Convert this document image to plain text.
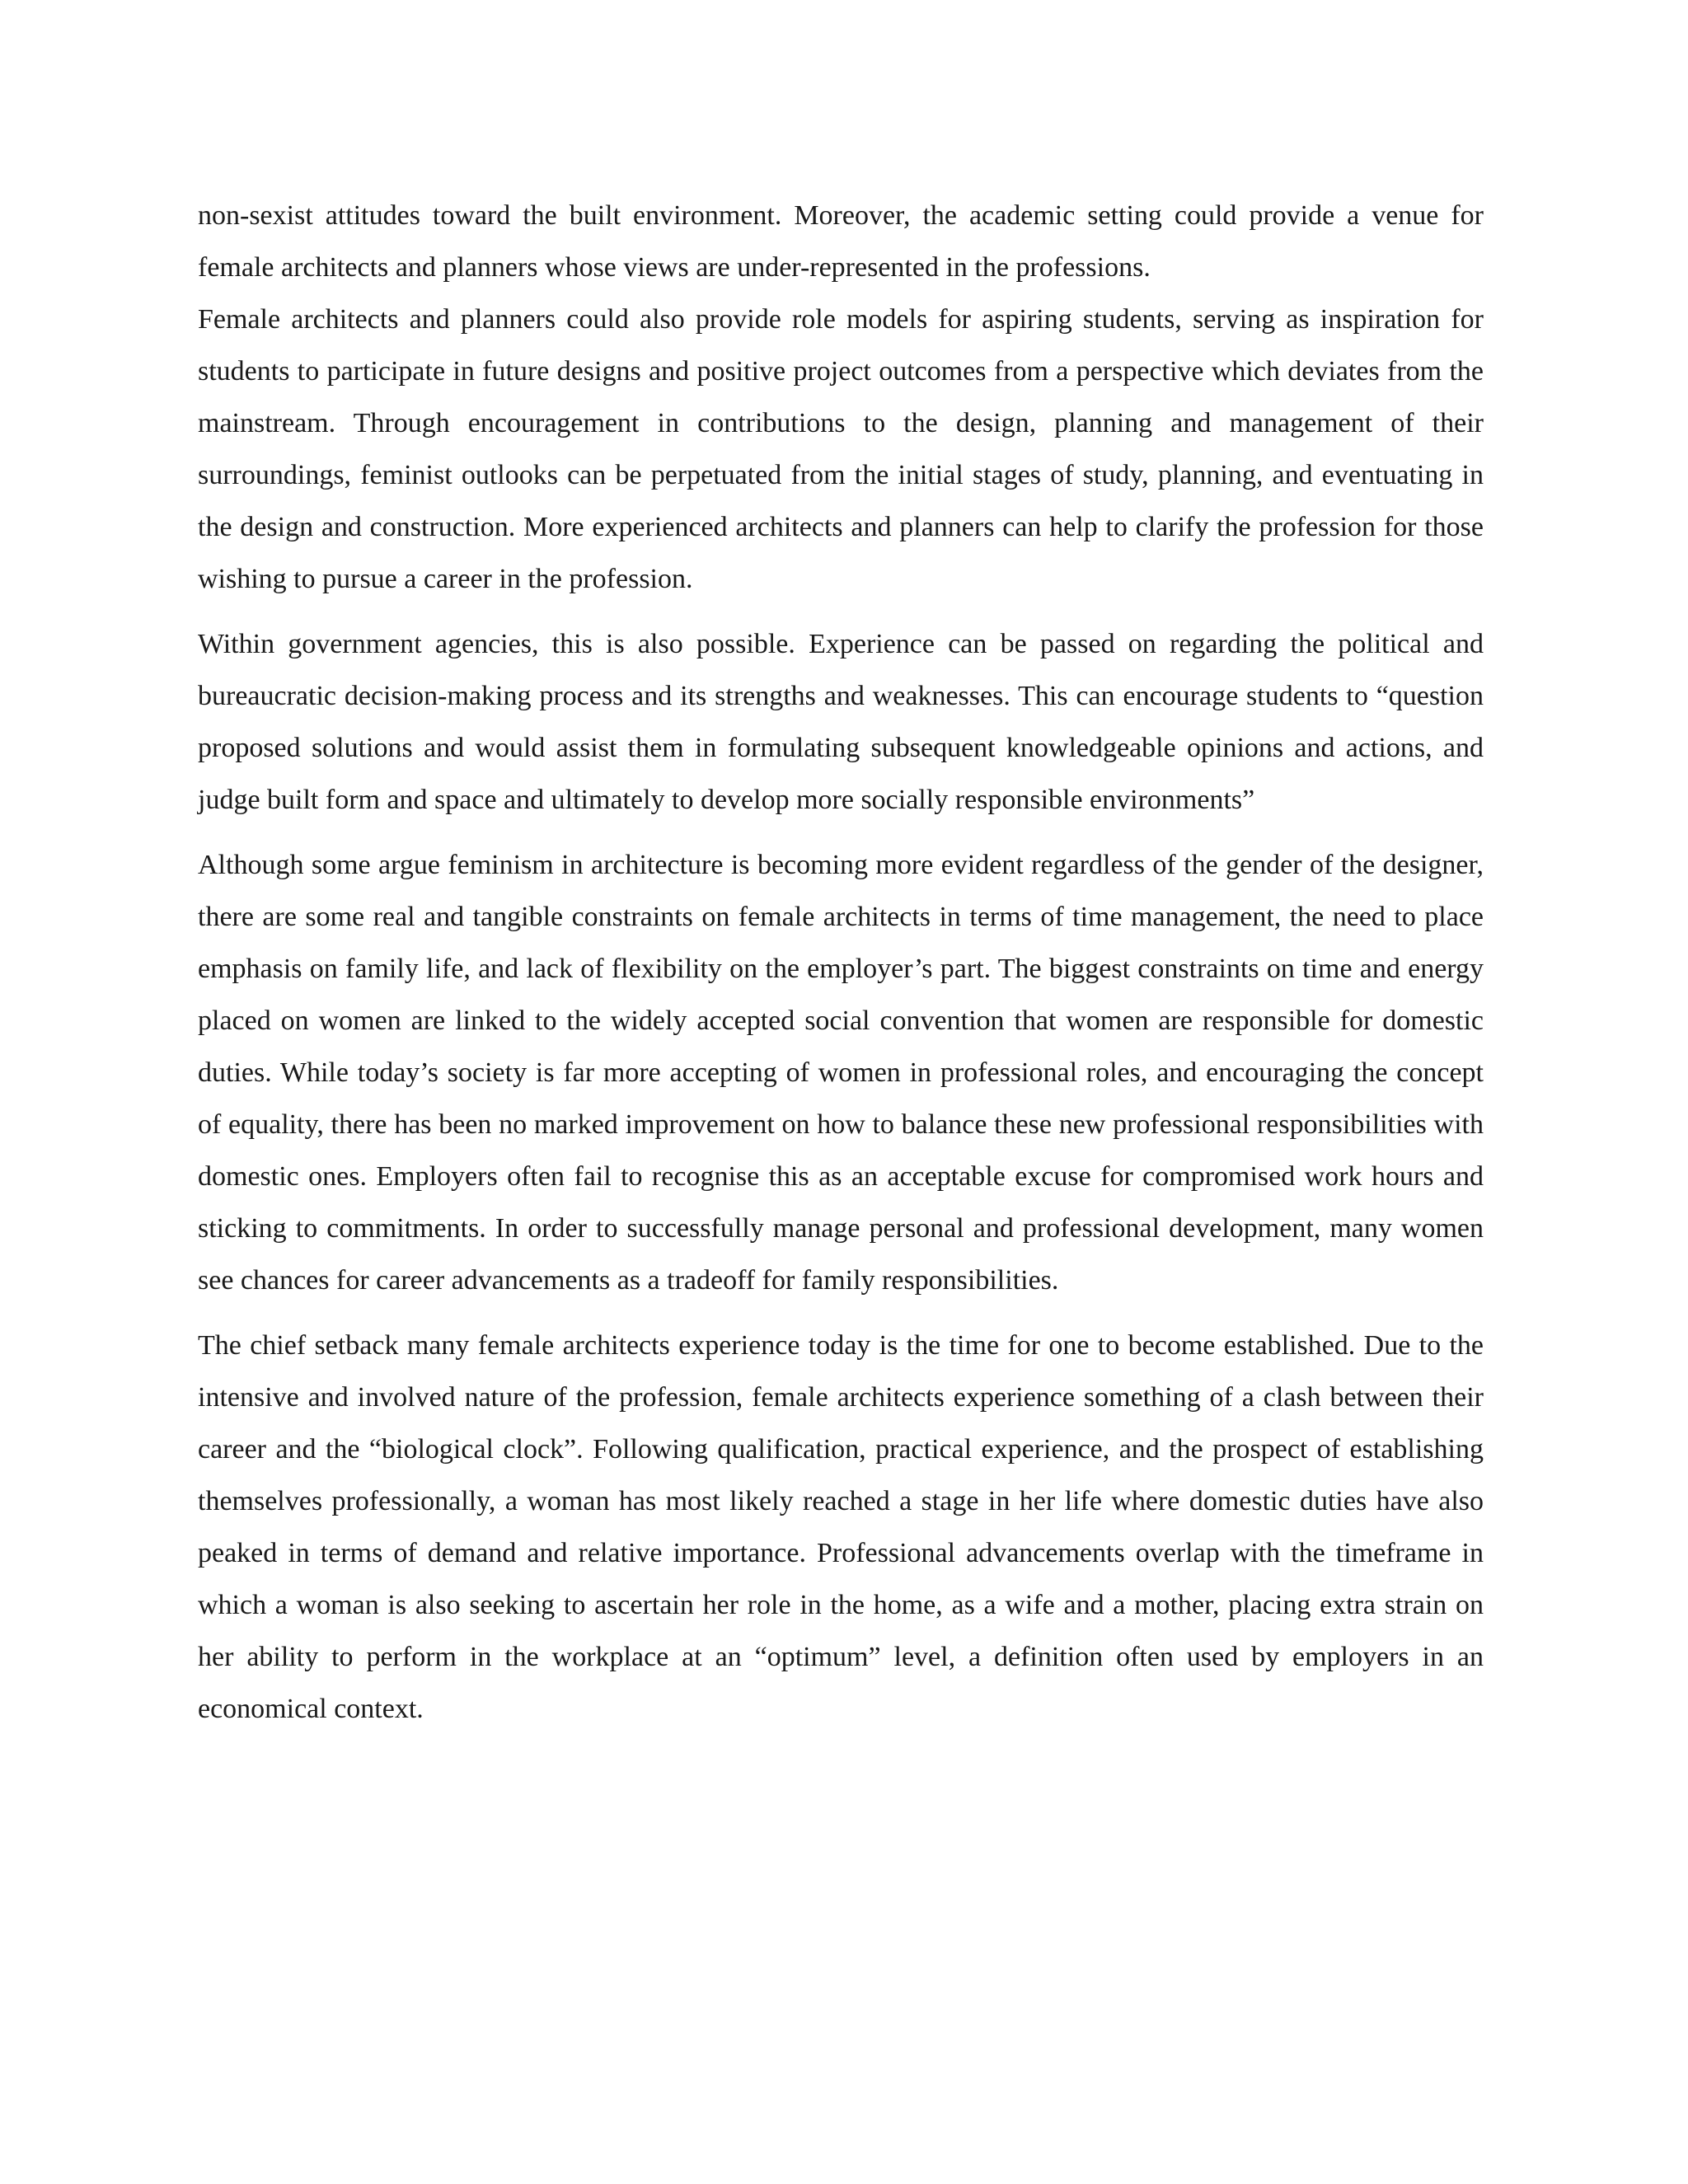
non-sexist attitudes toward the built environment. Moreover, the academic setting could provide a venue for female architects and planners whose views are under-represented in the professions.

Female architects and planners could also provide role models for aspiring students, serving as inspiration for students to participate in future designs and positive project outcomes from a perspective which deviates from the mainstream. Through encouragement in contributions to the design, planning and management of their surroundings, feminist outlooks can be perpetuated from the initial stages of study, planning, and eventuating in the design and construction. More experienced architects and planners can help to clarify the profession for those wishing to pursue a career in the profession.

Within government agencies, this is also possible. Experience can be passed on regarding the political and bureaucratic decision-making process and its strengths and weaknesses. This can encourage students to “question proposed solutions and would assist them in formulating subsequent knowledgeable opinions and actions, and judge built form and space and ultimately to develop more socially responsible environments”

Although some argue feminism in architecture is becoming more evident regardless of the gender of the designer, there are some real and tangible constraints on female architects in terms of time management, the need to place emphasis on family life, and lack of flexibility on the employer’s part. The biggest constraints on time and energy placed on women are linked to the widely accepted social convention that women are responsible for domestic duties. While today’s society is far more accepting of women in professional roles, and encouraging the concept of equality, there has been no marked improvement on how to balance these new professional responsibilities with domestic ones. Employers often fail to recognise this as an acceptable excuse for compromised work hours and sticking to commitments. In order to successfully manage personal and professional development, many women see chances for career advancements as a tradeoff for family responsibilities.

The chief setback many female architects experience today is the time for one to become established. Due to the intensive and involved nature of the profession, female architects experience something of a clash between their career and the “biological clock”. Following qualification, practical experience, and the prospect of establishing themselves professionally, a woman has most likely reached a stage in her life where domestic duties have also peaked in terms of demand and relative importance. Professional advancements overlap with the timeframe in which a woman is also seeking to ascertain her role in the home, as a wife and a mother, placing extra strain on her ability to perform in the workplace at an “optimum” level, a definition often used by employers in an economical context.
